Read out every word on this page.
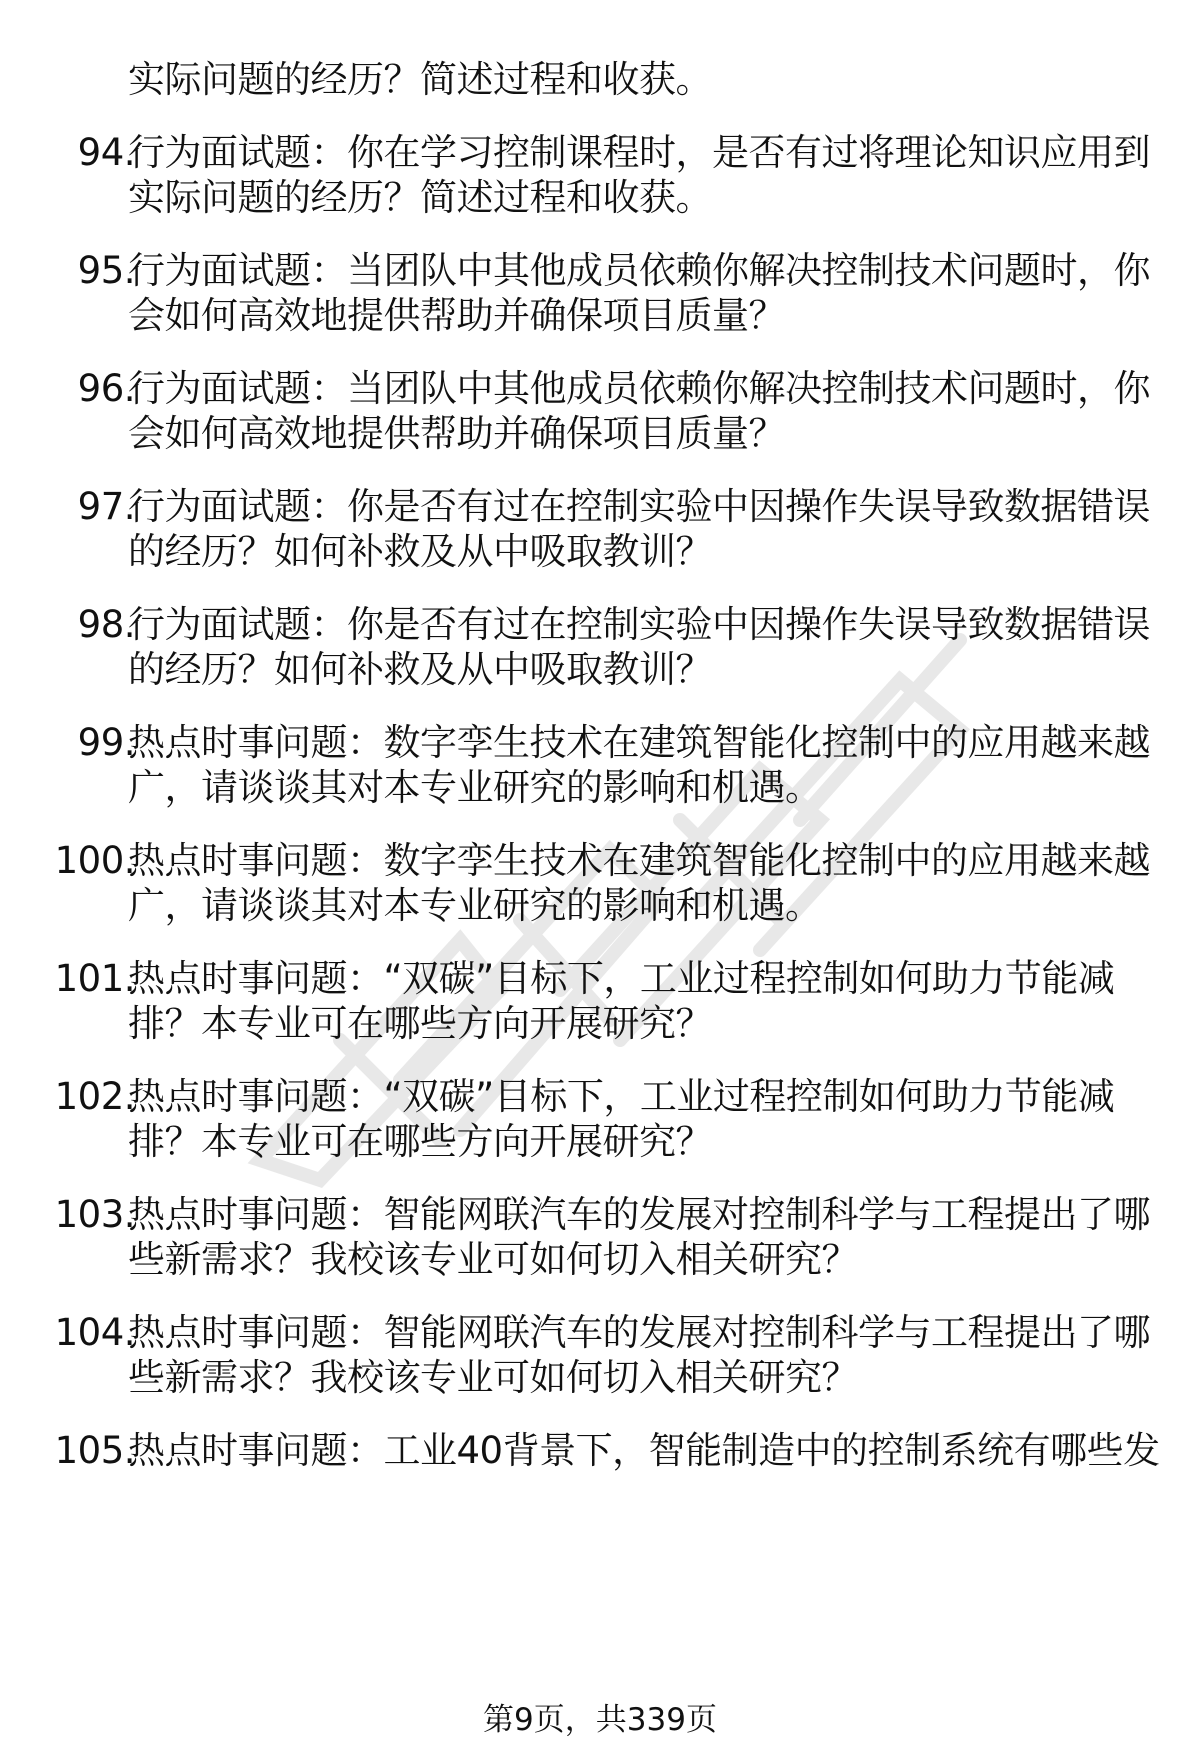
实际问题的经历？简述过程和收获。
94.
行为面试题：你在学习控制课程时，是否有过将理论知识应用到
实际问题的经历？简述过程和收获。
95.
行为面试题：当团队中其他成员依赖你解决控制技术问题时，你
会如何高效地提供帮助并确保项目质量？
96.
行为面试题：当团队中其他成员依赖你解决控制技术问题时，你
会如何高效地提供帮助并确保项目质量？
97.
行为面试题：你是否有过在控制实验中因操作失误导致数据错误
的经历？如何补救及从中吸取教训？
98.
行为面试题：你是否有过在控制实验中因操作失误导致数据错误
的经历？如何补救及从中吸取教训？
99.
热点时事问题：数字孪生技术在建筑智能化控制中的应用越来越
广，请谈谈其对本专业研究的影响和机遇。
100.
热点时事问题：数字孪生技术在建筑智能化控制中的应用越来越
广，请谈谈其对本专业研究的影响和机遇。
101.
热点时事问题：“双碳”目标下，工业过程控制如何助力节能减
排？本专业可在哪些方向开展研究？
102.
热点时事问题：“双碳”目标下，工业过程控制如何助力节能减
排？本专业可在哪些方向开展研究？
103.
热点时事问题：智能网联汽车的发展对控制科学与工程提出了哪
些新需求？我校该专业可如何切入相关研究？
104.
热点时事问题：智能网联汽车的发展对控制科学与工程提出了哪
些新需求？我校该专业可如何切入相关研究？
105.
热点时事问题：工业40背景下，智能制造中的控制系统有哪些发
第9页，共339页
